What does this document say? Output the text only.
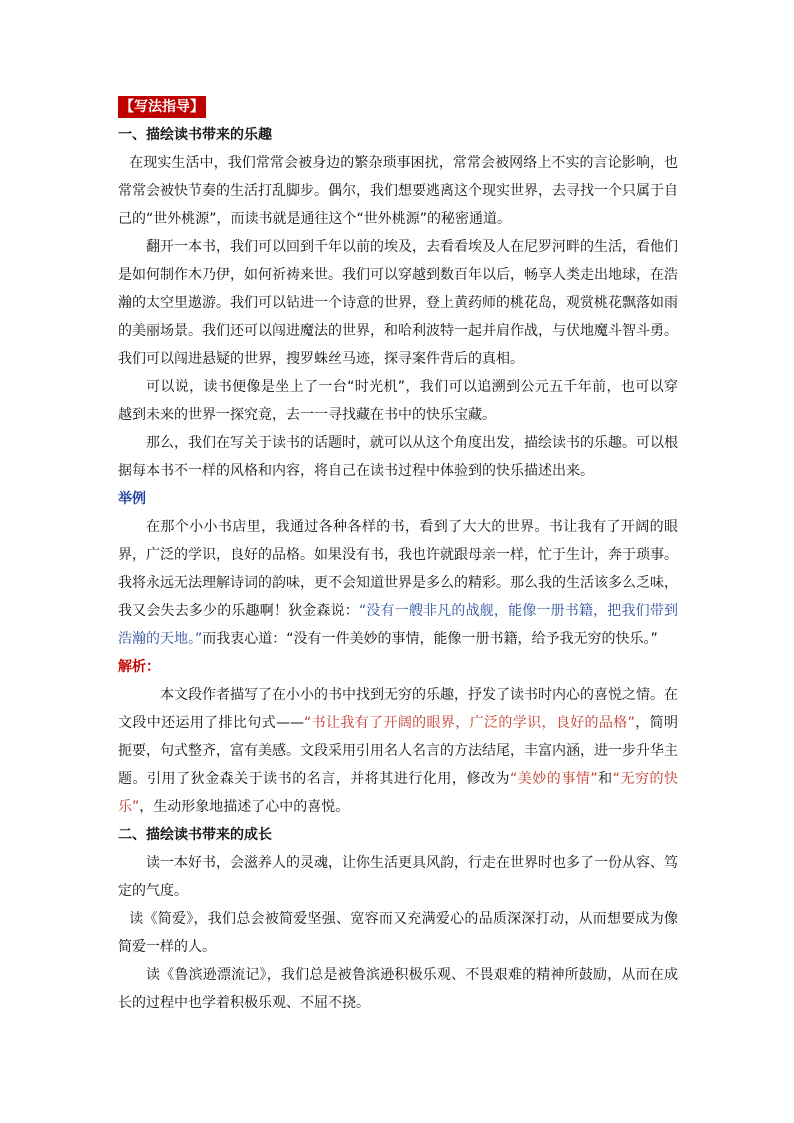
【写法指导】
一、描绘读书带来的乐趣

在现实生活中，我们常常会被身边的繁杂琐事困扰，常常会被网络上不实的言论影响，也常常会被快节奏的生活打乱脚步。偶尔，我们想要逃离这个现实世界，去寻找一个只属于自己的“世外桃源”，而读书就是通往这个“世外桃源”的秘密通道。

翻开一本书，我们可以回到千年以前的埃及，去看看埃及人在尼罗河畔的生活，看他们是如何制作木乃伊，如何祈祷来世。我们可以穿越到数百年以后，畅享人类走出地球，在浩瀚的太空里遨游。我们可以钻进一个诗意的世界，登上黄药师的桃花岛，观赏桃花飘落如雨的美丽场景。我们还可以闯进魔法的世界，和哈利波特一起并肩作战，与伏地魔斗智斗勇。我们可以闯进悬疑的世界，搜罗蛛丝马迹，探寻案件背后的真相。

可以说，读书便像是坐上了一台“时光机”，我们可以追溯到公元五千年前，也可以穿越到未来的世界一探究竟，去一一寻找藏在书中的快乐宝藏。

那么，我们在写关于读书的话题时，就可以从这个角度出发，描绘读书的乐趣。可以根据每本书不一样的风格和内容，将自己在读书过程中体验到的快乐描述出来。

举例

在那个小小书店里，我通过各种各样的书，看到了大大的世界。书让我有了开阔的眼界，广泛的学识，良好的品格。如果没有书，我也许就跟母亲一样，忙于生计，奔于琐事。我将永远无法理解诗词的韵味，更不会知道世界是多么的精彩。那么我的生活该多么乏味，我又会失去多少的乐趣啊！狄金森说：“没有一艘非凡的战舰，能像一册书籍，把我们带到浩瀚的天地。”而我衷心道：“没有一件美妙的事情，能像一册书籍，给予我无穷的快乐。”

解析：

本文段作者描写了在小小的书中找到无穷的乐趣，抒发了读书时内心的喜悦之情。在文段中还运用了排比句式——“书让我有了开阔的眼界，广泛的学识，良好的品格”，简明扼要，句式整齐，富有美感。文段采用引用名人名言的方法结尾，丰富内涵，进一步升华主题。引用了狄金森关于读书的名言，并将其进行化用，修改为“美妙的事情”和“无穷的快乐”，生动形象地描述了心中的喜悦。

二、描绘读书带来的成长

读一本好书，会滋养人的灵魂，让你生活更具风韵，行走在世界时也多了一份从容、笃定的气度。

读《简爱》，我们总会被简爱坚强、宽容而又充满爱心的品质深深打动，从而想要成为像简爱一样的人。

读《鲁滨逊漂流记》，我们总是被鲁滨逊积极乐观、不畏艰难的精神所鼓励，从而在成长的过程中也学着积极乐观、不屈不挠。
